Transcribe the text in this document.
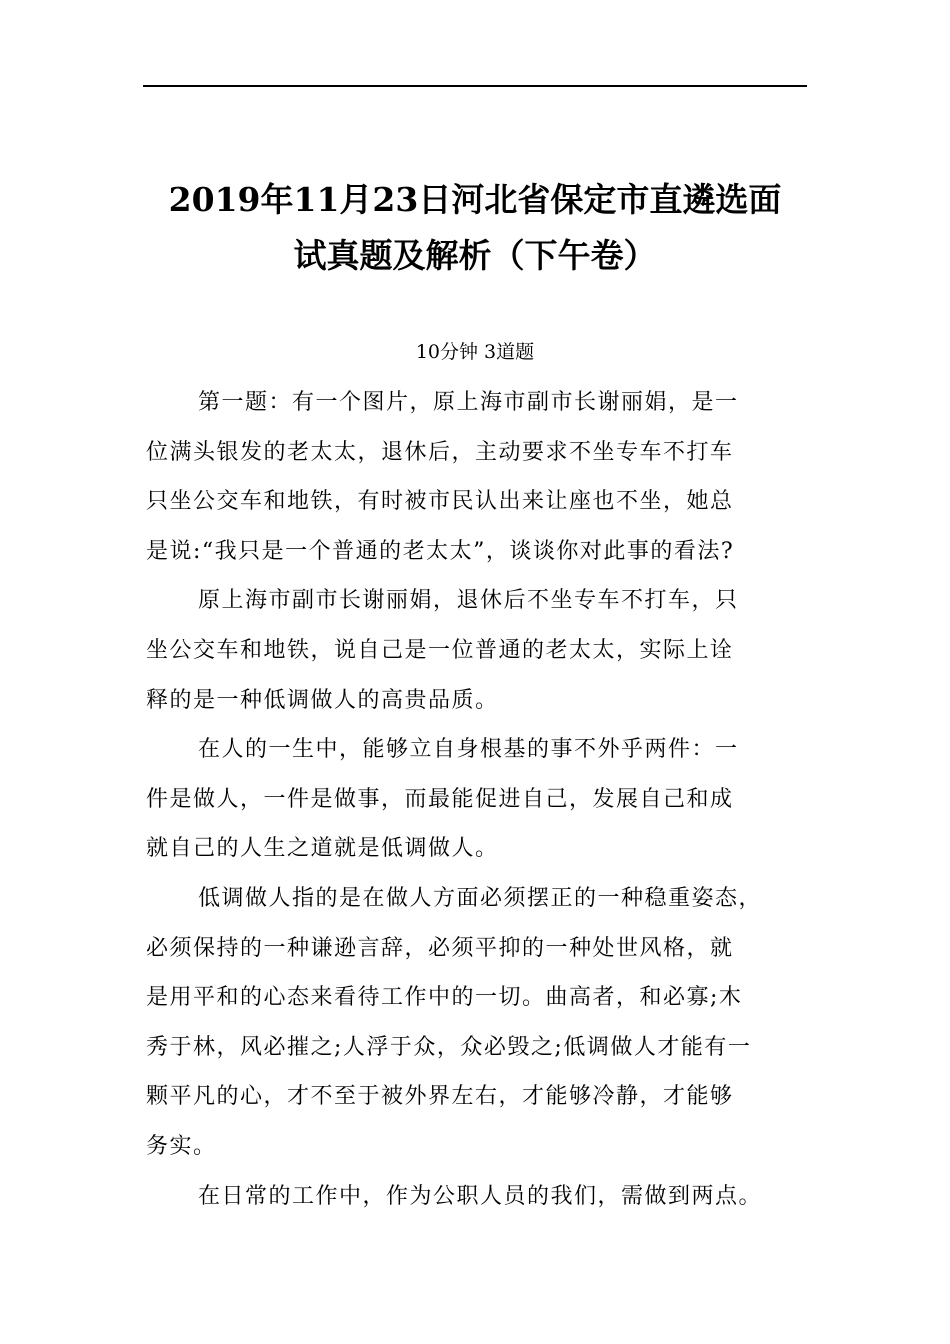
2019年11月23日河北省保定市直遴选面
试真题及解析（下午卷）

10分钟 3道题

第一题：有一个图片，原上海市副市长谢丽娟，是一
位满头银发的老太太，退休后，主动要求不坐专车不打车
只坐公交车和地铁，有时被市民认出来让座也不坐，她总
是说:“我只是一个普通的老太太”，谈谈你对此事的看法?
原上海市副市长谢丽娟，退休后不坐专车不打车，只
坐公交车和地铁，说自己是一位普通的老太太，实际上诠
释的是一种低调做人的高贵品质。
在人的一生中，能够立自身根基的事不外乎两件：一
件是做人，一件是做事，而最能促进自己，发展自己和成
就自己的人生之道就是低调做人。
低调做人指的是在做人方面必须摆正的一种稳重姿态，
必须保持的一种谦逊言辞，必须平抑的一种处世风格，就
是用平和的心态来看待工作中的一切。曲高者，和必寡;木
秀于林，风必摧之;人浮于众，众必毁之;低调做人才能有一
颗平凡的心，才不至于被外界左右，才能够冷静，才能够
务实。
在日常的工作中，作为公职人员的我们，需做到两点。
